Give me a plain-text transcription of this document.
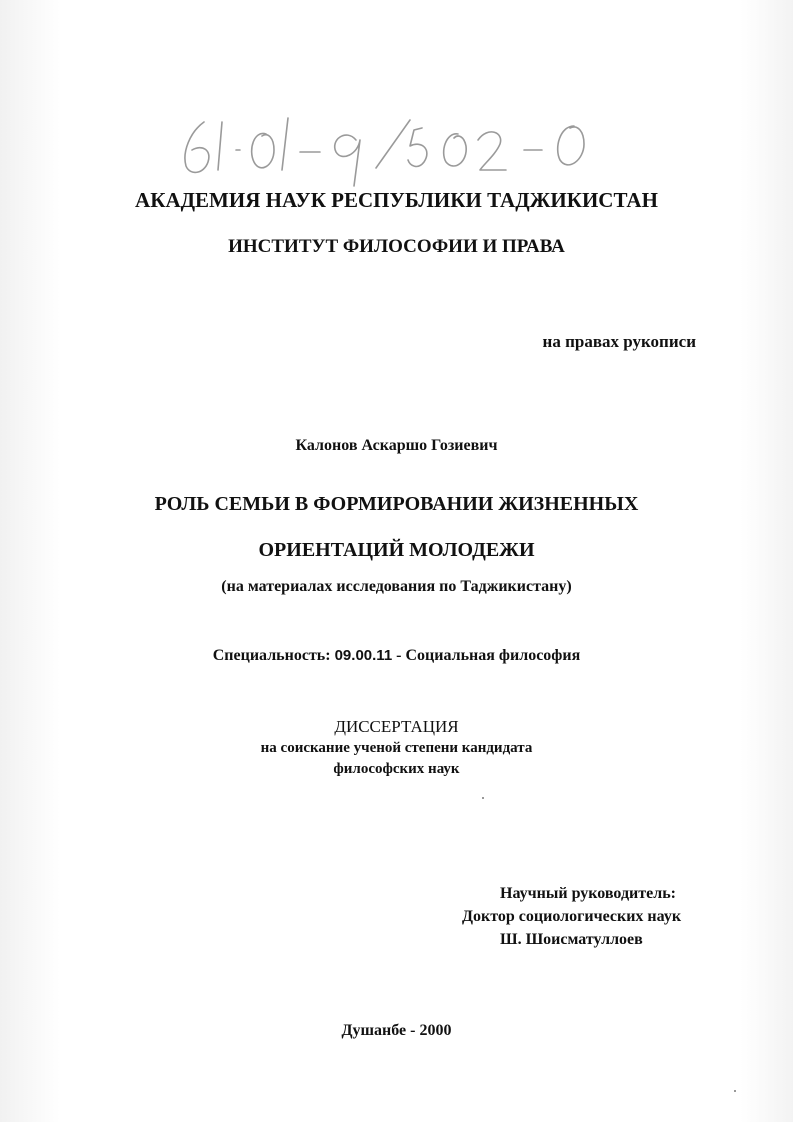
АКАДЕМИЯ НАУК РЕСПУБЛИКИ ТАДЖИКИСТАН
ИНСТИТУТ ФИЛОСОФИИ И ПРАВА
на правах рукописи
Калонов Аскаршо Гозиевич
РОЛЬ СЕМЬИ В ФОРМИРОВАНИИ ЖИЗНЕННЫХ
ОРИЕНТАЦИЙ МОЛОДЕЖИ
(на материалах исследования по Таджикистану)
Специальность: 09.00.11 - Социальная философия
ДИССЕРТАЦИЯ
на соискание ученой степени кандидата
философских наук
Научный руководитель:
Доктор социологических наук
Ш. Шоисматуллоев
Душанбе - 2000
